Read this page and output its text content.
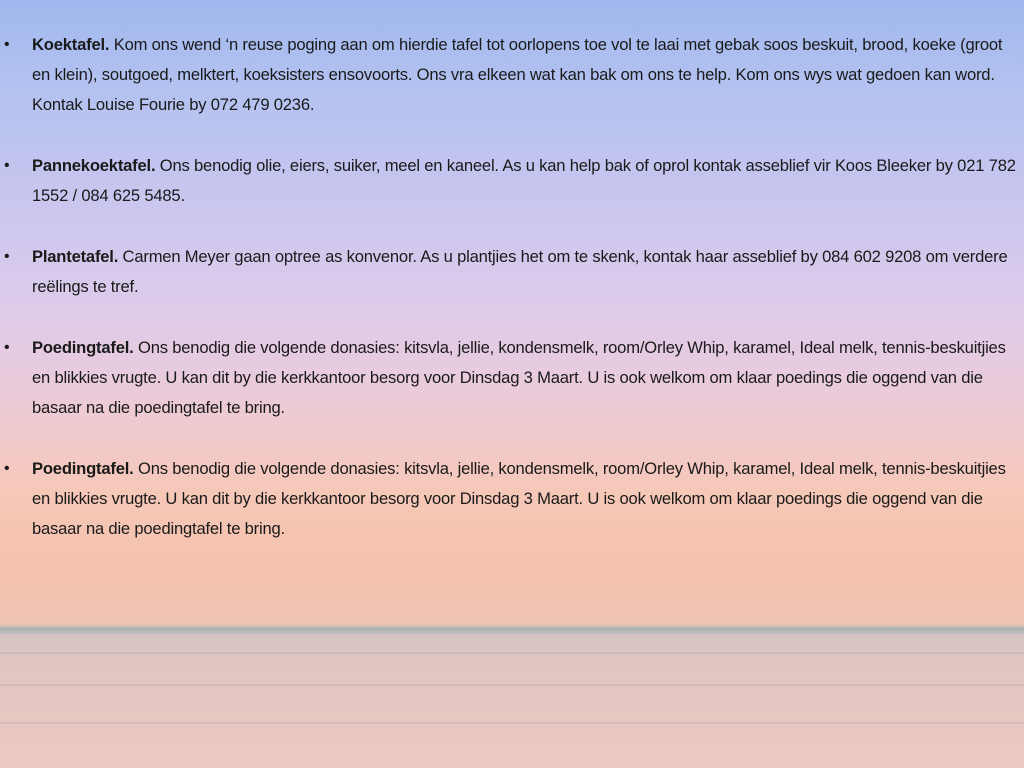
• Koektafel. Kom ons wend ‘n reuse poging aan om hierdie tafel tot oorlopens toe vol te laai met gebak soos beskuit, brood, koeke (groot en klein), soutgoed, melktert, koeksisters ensovoorts. Ons vra elkeen wat kan bak om ons te help. Kom ons wys wat gedoen kan word. Kontak Louise Fourie by 072 479 0236.
• Pannekoektafel. Ons benodig olie, eiers, suiker, meel en kaneel. As u kan help bak of oprol kontak asseblief vir Koos Bleeker by 021 782 1552 / 084 625 5485.
• Plantetafel. Carmen Meyer gaan optree as konvenor. As u plantjies het om te skenk, kontak haar asseblief by 084 602 9208 om verdere reëlings te tref.
• Poedingtafel. Ons benodig die volgende donasies: kitsvla, jellie, kondensmelk, room/Orley Whip, karamel, Ideal melk, tennis-beskuitjies en blikkies vrugte. U kan dit by die kerkkantoor besorg voor Dinsdag 3 Maart. U is ook welkom om klaar poedings die oggend van die basaar na die poedingtafel te bring.
• Poedingtafel. Ons benodig die volgende donasies: kitsvla, jellie, kondensmelk, room/Orley Whip, karamel, Ideal melk, tennis-beskuitjies en blikkies vrugte. U kan dit by die kerkkantoor besorg voor Dinsdag 3 Maart. U is ook welkom om klaar poedings die oggend van die basaar na die poedingtafel te bring.
